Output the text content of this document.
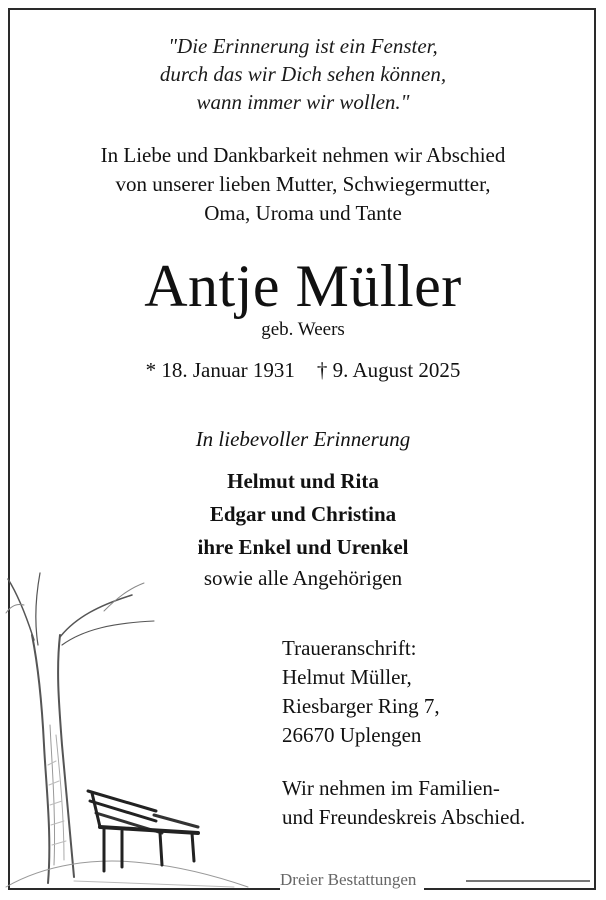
"Die Erinnerung ist ein Fenster,
durch das wir Dich sehen können,
wann immer wir wollen."
In Liebe und Dankbarkeit nehmen wir Abschied
von unserer lieben Mutter, Schwiegermutter,
Oma, Uroma und Tante
Antje Müller
geb. Weers
* 18. Januar 1931 † 9. August 2025
In liebevoller Erinnerung
Helmut und Rita
Edgar und Christina
ihre Enkel und Urenkel
sowie alle Angehörigen
Traueranschrift:
Helmut Müller,
Riesbarger Ring 7,
26670 Uplengen
Wir nehmen im Familien-
und Freundeskreis Abschied.
Dreier Bestattungen
